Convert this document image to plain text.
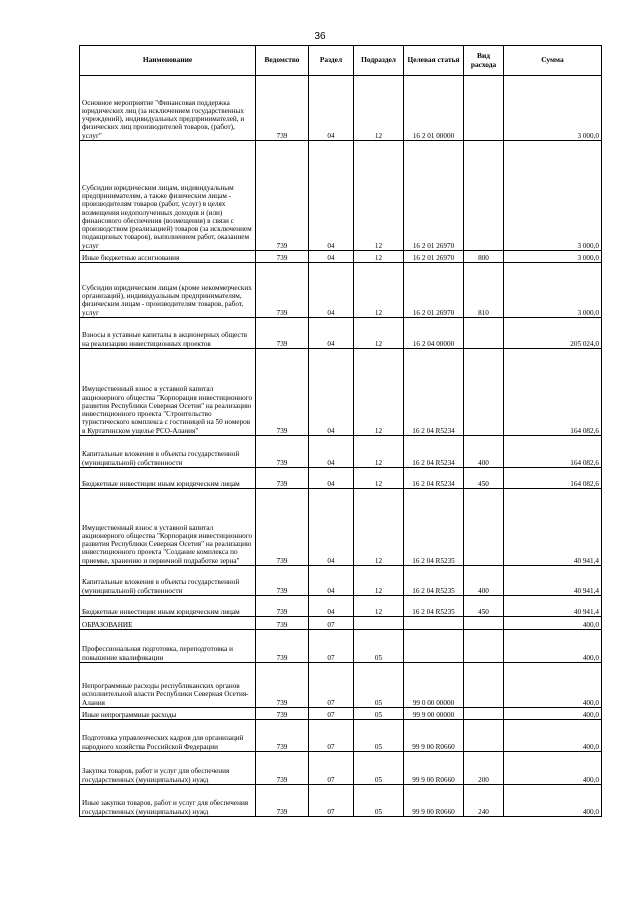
36
Наименование	Ведомство	Раздел	Подраздел	Целевая статья	Вид расхода	Сумма
Основное мероприятие "Финансовая поддержка юридических лиц (за исключением государственных учреждений), индивидуальных предпринимателей, и физических лиц производителей товаров, (работ), услуг"	739	04	12	16 2 01 00000		3 000,0
Субсидии юридическим лицам, индивидуальным предпринимателям, а также физическим лицам - производителям товаров (работ, услуг) в целях возмещения недополученных доходов и (или) финансового обеспечения (возмещения) в связи с производством (реализацией) товаров (за исключением подакцизных товаров), выполнением работ, оказанием услуг	739	04	12	16 2 01 26970		3 000,0
Иные бюджетные ассигнования	739	04	12	16 2 01 26970	800	3 000,0
Субсидии юридическим лицам (кроме некоммерческих организаций), индивидуальным предпринимателям, физическим лицам - производителям товаров, работ, услуг	739	04	12	16 2 01 26970	810	3 000,0
Взносы в уставные капиталы в акционерных обществ на реализацию инвестиционных проектов	739	04	12	16 2 04 00000		205 024,0
Имущественный взнос в уставной капитал акционерного общества "Корпорация инвестиционного развития Республики Северная Осетия" на реализацию инвестиционного проекта "Строительство туристического комплекса с гостиницей на 50 номеров в Куртатинском ущелье РСО-Алания"	739	04	12	16 2 04 R5234		164 082,6
Капитальные вложения в объекты государственной (муниципальной) собственности	739	04	12	16 2 04 R5234	400	164 082,6
Бюджетные инвестиции иным юридическим лицам	739	04	12	16 2 04 R5234	450	164 082,6
Имущественный взнос в уставной капитал акционерного общества "Корпорация инвестиционного развития Республики Северная Осетия" на реализацию инвестиционного проекта "Создание комплекса по приемке, хранению и первичной подработке зерна"	739	04	12	16 2 04 R5235		40 941,4
Капитальные вложения в объекты государственной (муниципальной) собственности	739	04	12	16 2 04 R5235	400	40 941,4
Бюджетные инвестиции иным юридическим лицам	739	04	12	16 2 04 R5235	450	40 941,4
ОБРАЗОВАНИЕ	739	07				400,0
Профессиональная подготовка, переподготовка и повышение квалификации	739	07	05			400,0
Непрограммные расходы республиканских органов исполнительной власти Республики Северная Осетия-Алания	739	07	05	99 0 00 00000		400,0
Иные непрограммные расходы	739	07	05	99 9 00 00000		400,0
Подготовка управленческих кадров для организаций народного хозяйства Российской Федерации	739	07	05	99 9 00 R0660		400,0
Закупка товаров, работ и услуг для обеспечения государственных (муниципальных) нужд	739	07	05	99 9 00 R0660	200	400,0
Иные закупки товаров, работ и услуг для обеспечения государственных (муниципальных) нужд	739	07	05	99 9 00 R0660	240	400,0
